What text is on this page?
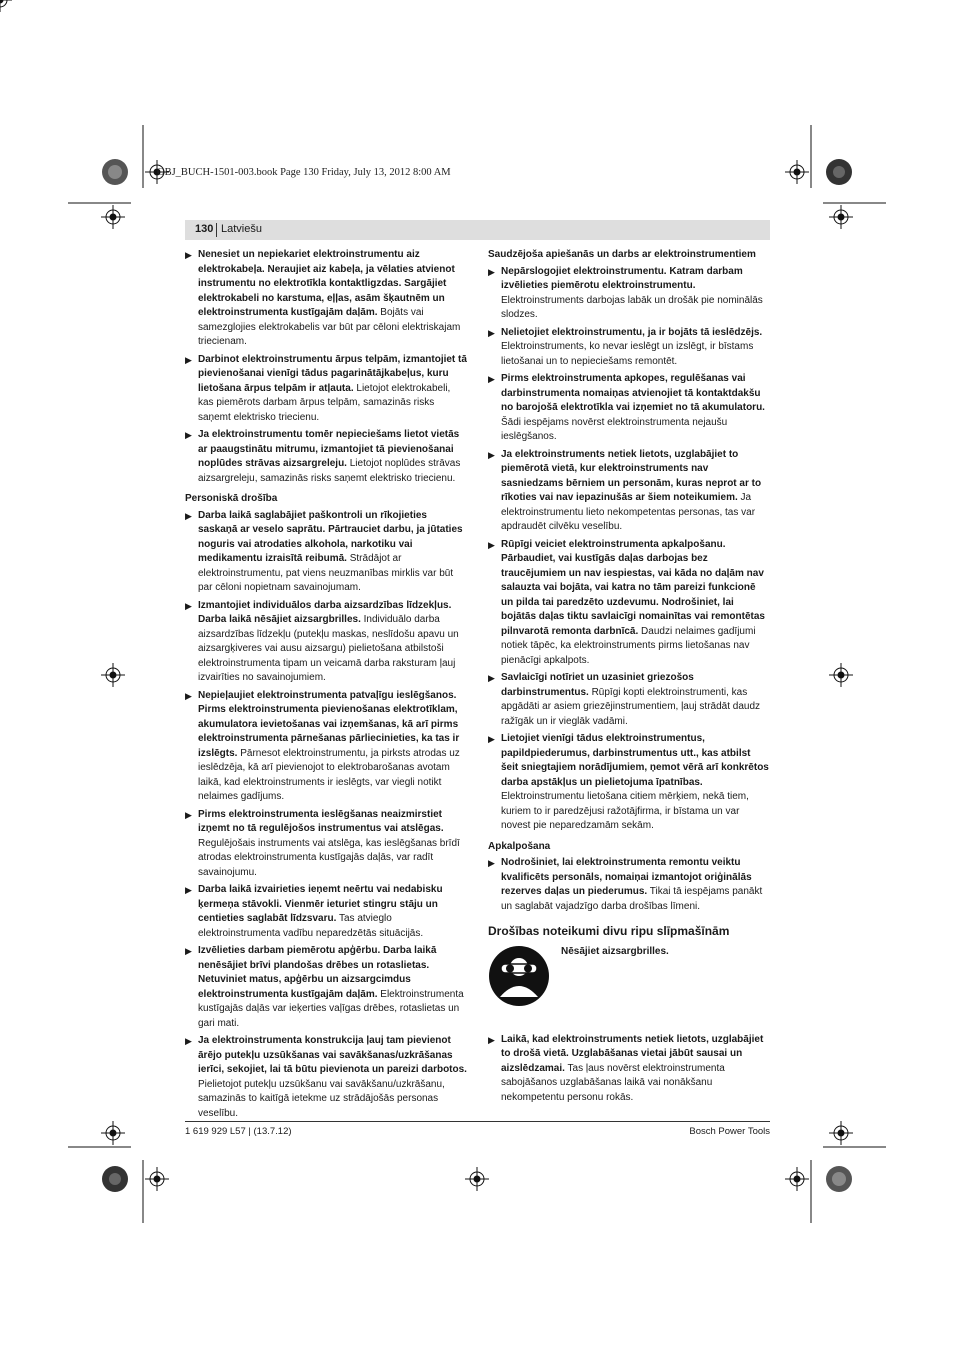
OBJ_BUCH-1501-003.book Page 130 Friday, July 13, 2012 8:00 AM
130 Latviešu
▶ Nenesiet un nepiekariet elektroinstrumentu aiz elektrokabeļa. Neraujiet aiz kabeļa, ja vēlaties atvienot instrumentu no elektrotīkla kontaktligzdas. Sargājiet elektrokabeli no karstuma, eļļas, asām šķautnēm un elektroinstrumenta kustīgajām daļām. Bojāts vai samezglojies elektrokabelis var būt par cēloni elektriskajam triecienam.
▶ Darbinot elektroinstrumentu ārpus telpām, izmantojiet tā pievienošanai vienīgi tādus pagarinātājkabeļus, kuru lietošana ārpus telpām ir atļauta. Lietojot elektrokabeli, kas piemērots darbam ārpus telpām, samazinās risks saņemt elektrisko triecienu.
▶ Ja elektroinstrumentu tomēr nepieciešams lietot vietās ar paaugstinātu mitrumu, izmantojiet tā pievienošanai noplūdes strāvas aizsargreleju. Lietojot noplūdes strāvas aizsargreleju, samazinās risks saņemt elektrisko triecienu.
Personiskā drošība
▶ Darba laikā saglabājiet paškontroli un rīkojieties saskaņā ar veselo saprātu. Pārtrauciet darbu, ja jūtaties noguris vai atrodaties alkohola, narkotiku vai medikamentu izraisītā reibumā. Strādājot ar elektroinstrumentu, pat viens neuzmanības mirklis var būt par cēloni nopietnam savainojumam.
▶ Izmantojiet individuālos darba aizsardzības līdzekļus. Darba laikā nēsājiet aizsargbrilles. Individuālo darba aizsardzības līdzekļu (putekļu maskas, neslīdošu apavu un aizsargķiveres vai ausu aizsargu) pielietošana atbilstoši elektroinstrumenta tipam un veicamā darba raksturam ļauj izvairīties no savainojumiem.
▶ Nepieļaujiet elektroinstrumenta patvaļīgu ieslēgšanos. Pirms elektroinstrumenta pievienošanas elektrotīklam, akumulatora ievietošanas vai izņemšanas, kā arī pirms elektroinstrumenta pārnešanas pārliecinieties, ka tas ir izslēgts. Pārnesot elektroinstrumentu, ja pirksts atrodas uz ieslēdzēja, kā arī pievienojot to elektrobarošanas avotam laikā, kad elektroinstruments ir ieslēgts, var viegli notikt nelaimes gadījums.
▶ Pirms elektroinstrumenta ieslēgšanas neaizmirstiet izņemt no tā regulējošos instrumentus vai atslēgas. Regulējošais instruments vai atslēga, kas ieslēgšanas brīdī atrodas elektroinstrumenta kustīgajās daļās, var radīt savainojumu.
▶ Darba laikā izvairieties ieņemt neērtu vai nedabisku ķermeņa stāvokli. Vienmēr ieturiet stingru stāju un centieties saglabāt līdzsvaru. Tas atvieglo elektroinstrumenta vadību neparedzētās situācijās.
▶ Izvēlieties darbam piemērotu apģērbu. Darba laikā nenēsājiet brīvi plandošas drēbes un rotaslietas. Netuviniet matus, apģērbu un aizsargcimdus elektroinstrumenta kustīgajām daļām. Elektroinstrumenta kustīgajās daļās var ieķerties vaļīgas drēbes, rotaslietas un gari mati.
▶ Ja elektroinstrumenta konstrukcija ļauj tam pievienot ārējo putekļu uzsūkšanas vai savākšanas/uzkrāšanas ierīci, sekojiet, lai tā būtu pievienota un pareizi darbotos. Pielietojot putekļu uzsūkšanu vai savākšanu/uzkrāšanu, samazinās to kaitīgā ietekme uz strādājošās personas veselību.
Saudzējoša apiešanās un darbs ar elektroinstrumentiem
▶ Nepārslogojiet elektroinstrumentu. Katram darbam izvēlieties piemērotu elektroinstrumentu. Elektroinstruments darbojas labāk un drošāk pie nominālās slodzes.
▶ Nelietojiet elektroinstrumentu, ja ir bojāts tā ieslēdzējs. Elektroinstruments, ko nevar ieslēgt un izslēgt, ir bīstams lietošanai un to nepieciešams remontēt.
▶ Pirms elektroinstrumenta apkopes, regulēšanas vai darbinstrumenta nomaiņas atvienojiet tā kontaktdakšu no barojošā elektrotīkla vai izņemiet no tā akumulatoru. Šādi iespējams novērst elektroinstrumenta nejaušu ieslēgšanos.
▶ Ja elektroinstruments netiek lietots, uzglabājiet to piemērotā vietā, kur elektroinstruments nav sasniedzams bērniem un personām, kuras neprot ar to rīkoties vai nav iepazinušās ar šiem noteikumiem. Ja elektroinstrumentu lieto nekompetentas personas, tas var apdraudēt cilvēku veselību.
▶ Rūpīgi veiciet elektroinstrumenta apkalpošanu. Pārbaudiet, vai kustīgās daļas darbojas bez traucējumiem un nav iespiestas, vai kāda no daļām nav salauzta vai bojāta, vai katra no tām pareizi funkcionē un pilda tai paredzēto uzdevumu. Nodrošiniet, lai bojātās daļas tiktu savlaicīgi nomainītas vai remontētas pilnvarotā remonta darbnīcā. Daudzi nelaimes gadījumi notiek tāpēc, ka elektroinstruments pirms lietošanas nav pienācīgi apkalpots.
▶ Savlaicīgi notīriet un uzasiniet griezošos darbinstrumentus. Rūpīgi kopti elektroinstrumenti, kas apgādāti ar asiem griezējinstrumentiem, ļauj strādāt daudz ražīgāk un ir vieglāk vadāmi.
▶ Lietojiet vienīgi tādus elektroinstrumentus, papildpiederumus, darbinstrumentus utt., kas atbilst šeit sniegtajiem norādījumiem, ņemot vērā arī konkrētos darba apstākļus un pielietojuma īpatnības. Elektroinstrumentu lietošana citiem mērķiem, nekā tiem, kuriem to ir paredzējusi ražotājfirma, ir bīstama un var novest pie neparedzamām sekām.
Apkalpošana
▶ Nodrošiniet, lai elektroinstrumenta remontu veiktu kvalificēts personāls, nomaiņai izmantojot oriģinālās rezerves daļas un piederumus. Tikai tā iespējams panākt un saglabāt vajadzīgo darba drošības līmeni.
Drošības noteikumi divu ripu slīpmašīnām
Nēsājiet aizsargbrilles.
▶ Laikā, kad elektroinstruments netiek lietots, uzglabājiet to drošā vietā. Uzglabāšanas vietai jābūt sausai un aizslēdzamai. Tas ļaus novērst elektroinstrumenta sabojāšanos uzglabāšanas laikā vai nonākšanu nekompetentu personu rokās.
1 619 929 L57 | (13.7.12)	Bosch Power Tools
